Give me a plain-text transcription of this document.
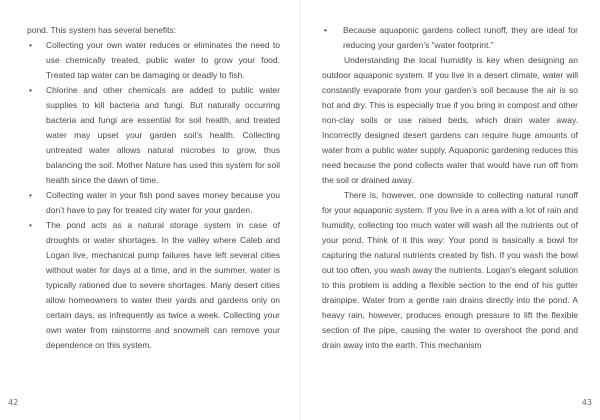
pond. This system has several benefits:

• Collecting your own water reduces or eliminates the need to use chemically treated, public water to grow your food. Treated tap water can be damaging or deadly to fish.
• Chlorine and other chemicals are added to public water supplies to kill bacteria and fungi. But naturally occurring bacteria and fungi are essential for soil health, and treated water may upset your garden soil’s health. Collecting untreated water allows natural microbes to grow, thus balancing the soil. Mother Nature has used this system for soil health since the dawn of time.
• Collecting water in your fish pond saves money because you don’t have to pay for treated city water for your garden.
• The pond acts as a natural storage system in case of droughts or water shortages. In the valley where Caleb and Logan live, mechanical pump failures have left several cities without water for days at a time, and in the summer, water is typically rationed due to severe shortages. Many desert cities allow homeowners to water their yards and gardens only on certain days, as infrequently as twice a week. Collecting your own water from rainstorms and snowmelt can remove your dependence on this system.
42
• Because aquaponic gardens collect runoff, they are ideal for reducing your garden’s “water footprint.”

Understanding the local humidity is key when designing an outdoor aquaponic system. If you live in a desert climate, water will constantly evaporate from your garden’s soil because the air is so hot and dry. This is especially true if you bring in compost and other non-clay soils or use raised beds, which drain water away. Incorrectly designed desert gardens can require huge amounts of water from a public water supply. Aquaponic gardening reduces this need because the pond collects water that would have run off from the soil or drained away.

There is, however, one downside to collecting natural runoff for your aquaponic system. If you live in a area with a lot of rain and humidity, collecting too much water will wash all the nutrients out of your pond. Think of it this way: Your pond is basically a bowl for capturing the natural nutrients created by fish. If you wash the bowl out too often, you wash away the nutrients. Logan’s elegant solution to this problem is adding a flexible section to the end of his gutter drainpipe. Water from a gentle rain drains directly into the pond. A heavy rain, however, produces enough pressure to lift the flexible section of the pipe, causing the water to overshoot the pond and drain away into the earth. This mechanism

43
